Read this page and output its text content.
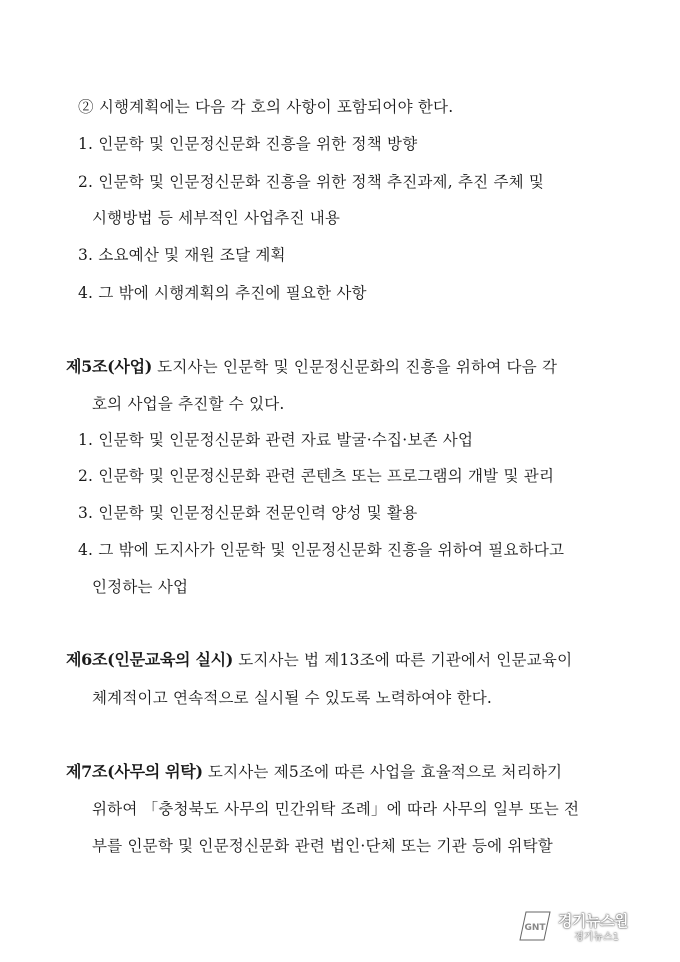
② 시행계획에는 다음 각 호의 사항이 포함되어야 한다.
1. 인문학 및 인문정신문화 진흥을 위한 정책 방향
2. 인문학 및 인문정신문화 진흥을 위한 정책 추진과제, 추진 주체 및
시행방법 등 세부적인 사업추진 내용
3. 소요예산 및 재원 조달 계획
4. 그 밖에 시행계획의 추진에 필요한 사항
제5조(사업) 도지사는 인문학 및 인문정신문화의 진흥을 위하여 다음 각
호의 사업을 추진할 수 있다.
1. 인문학 및 인문정신문화 관련 자료 발굴·수집·보존 사업
2. 인문학 및 인문정신문화 관련 콘텐츠 또는 프로그램의 개발 및 관리
3. 인문학 및 인문정신문화 전문인력 양성 및 활용
4. 그 밖에 도지사가 인문학 및 인문정신문화 진흥을 위하여 필요하다고
인정하는 사업
제6조(인문교육의 실시) 도지사는 법 제13조에 따른 기관에서 인문교육이
체계적이고 연속적으로 실시될 수 있도록 노력하여야 한다.
제7조(사무의 위탁) 도지사는 제5조에 따른 사업을 효율적으로 처리하기
위하여 「충청북도 사무의 민간위탁 조례」에 따라 사무의 일부 또는 전
부를 인문학 및 인문정신문화 관련 법인·단체 또는 기관 등에 위탁할
GNT 경기뉴스원
경기뉴스1
